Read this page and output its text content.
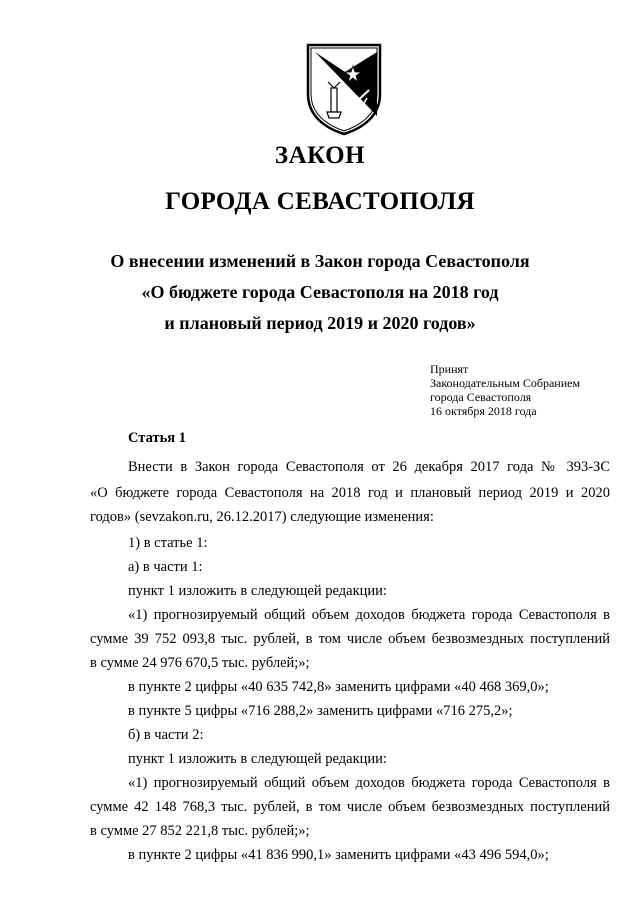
ЗАКОН
ГОРОДА СЕВАСТОПОЛЯ
О внесении изменений в Закон города Севастополя
«О бюджете города Севастополя на 2018 год
и плановый период 2019 и 2020 годов»
Принят
Законодательным Собранием
города Севастополя
16 октября 2018 года
Статья 1
Внести в Закон города Севастополя от 26 декабря 2017 года № 393-ЗС
«О бюджете города Севастополя на 2018 год и плановый период 2019 и 2020
годов» (sevzakon.ru, 26.12.2017) следующие изменения:
1) в статье 1:
а) в части 1:
пункт 1 изложить в следующей редакции:
«1) прогнозируемый общий объем доходов бюджета города Севастополя в
сумме 39 752 093,8 тыс. рублей, в том числе объем безвозмездных поступлений
в сумме 24 976 670,5 тыс. рублей;»;
в пункте 2 цифры «40 635 742,8» заменить цифрами «40 468 369,0»;
в пункте 5 цифры «716 288,2» заменить цифрами «716 275,2»;
б) в части 2:
пункт 1 изложить в следующей редакции:
«1) прогнозируемый общий объем доходов бюджета города Севастополя в
сумме 42 148 768,3 тыс. рублей, в том числе объем безвозмездных поступлений
в сумме 27 852 221,8 тыс. рублей;»;
в пункте 2 цифры «41 836 990,1» заменить цифрами «43 496 594,0»;
